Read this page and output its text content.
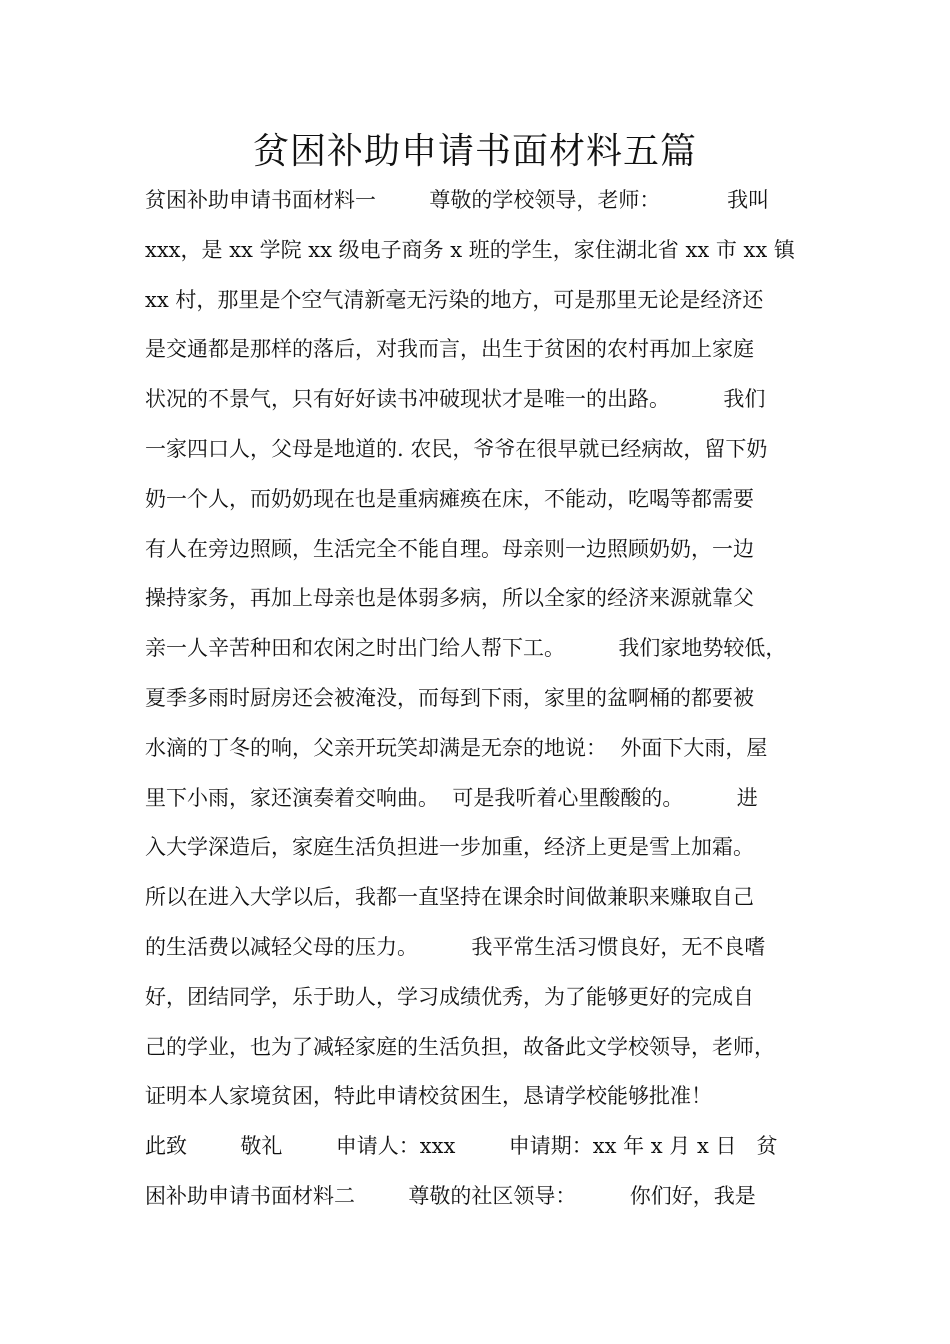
贫困补助申请书面材料五篇
贫困补助申请书面材料一        尊敬的学校领导，老师：          我叫
xxx，是 xx 学院 xx 级电子商务 x 班的学生，家住湖北省 xx 市 xx 镇
xx 村，那里是个空气清新毫无污染的地方，可是那里无论是经济还
是交通都是那样的落后，对我而言，出生于贫困的农村再加上家庭
状况的不景气，只有好好读书冲破现状才是唯一的出路。        我们
一家四口人，父母是地道的. 农民，爷爷在很早就已经病故，留下奶
奶一个人，而奶奶现在也是重病瘫痪在床，不能动，吃喝等都需要
有人在旁边照顾，生活完全不能自理。母亲则一边照顾奶奶，一边
操持家务，再加上母亲也是体弱多病，所以全家的经济来源就靠父
亲一人辛苦种田和农闲之时出门给人帮下工。        我们家地势较低，
夏季多雨时厨房还会被淹没，而每到下雨，家里的盆啊桶的都要被
水滴的丁冬的响，父亲开玩笑却满是无奈的地说：  外面下大雨，屋
里下小雨，家还演奏着交响曲。  可是我听着心里酸酸的。        进
入大学深造后，家庭生活负担进一步加重，经济上更是雪上加霜。
所以在进入大学以后，我都一直坚持在课余时间做兼职来赚取自己
的生活费以减轻父母的压力。        我平常生活习惯良好，无不良嗜
好，团结同学，乐于助人，学习成绩优秀，为了能够更好的完成自
己的学业，也为了减轻家庭的生活负担，故备此文学校领导，老师，
证明本人家境贫困，特此申请校贫困生，恳请学校能够批准！
此致        敬礼        申请人：xxx        申请期：xx 年 x 月 x 日   贫
困补助申请书面材料二        尊敬的社区领导：        你们好，我是
